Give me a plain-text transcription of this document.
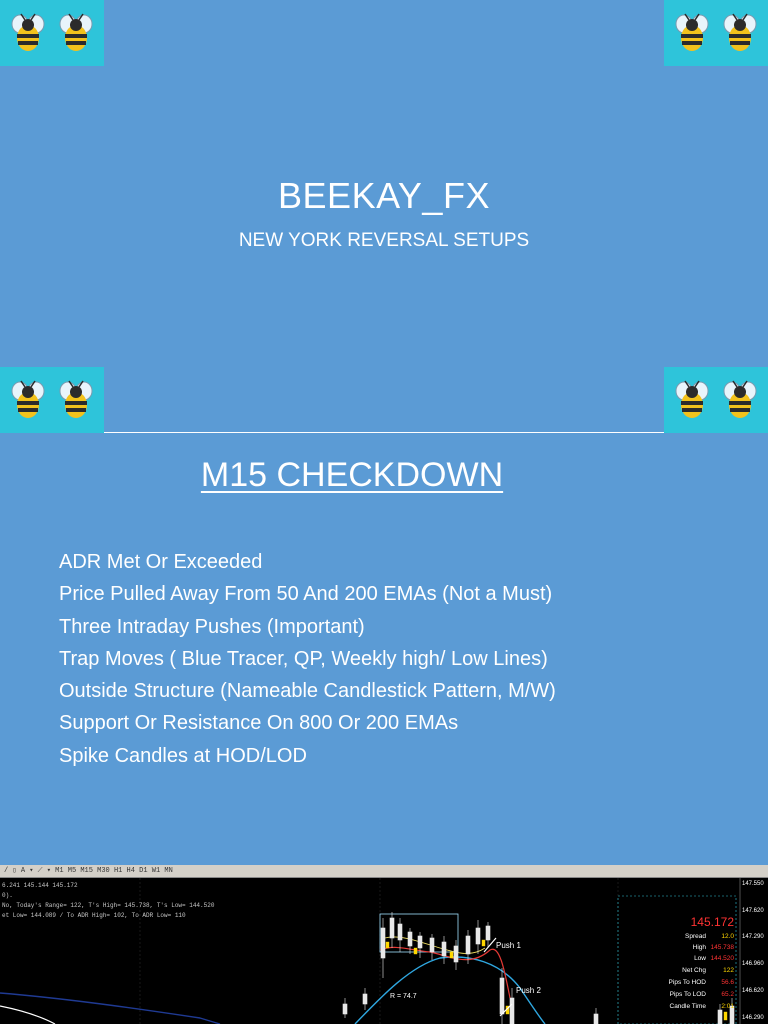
BEEKAY_FX
NEW YORK REVERSAL SETUPS
M15 CHECKDOWN
ADR Met Or Exceeded
Price Pulled Away From 50 And 200 EMAs (Not a Must)
Three Intraday Pushes (Important)
Trap Moves ( Blue Tracer, QP, Weekly high/ Low Lines)
Outside Structure (Nameable Candlestick Pattern, M/W)
Support Or Resistance On 800 Or 200 EMAs
Spike Candles at HOD/LOD
/ ▯ A ▾ ⟋ ▾ M1 M5 M15 M30 H1 H4 D1 W1 MN
6.241 145.144 145.172
0).
No, Today's Range= 122, T's High= 145.738, T's Low= 144.520
et Low= 144.089 / To ADR High= 102, To ADR Low= 110
Push 1
Push 2
R = 74.7
145.172
Spread 12.0
High 145.738
Low 144.520
Net Chg	122
Pips To HOD 56.6
Pips To LOD 65.2
Candle Time 2:01
147.550
147.620
147.290
146.960
146.620
146.290
